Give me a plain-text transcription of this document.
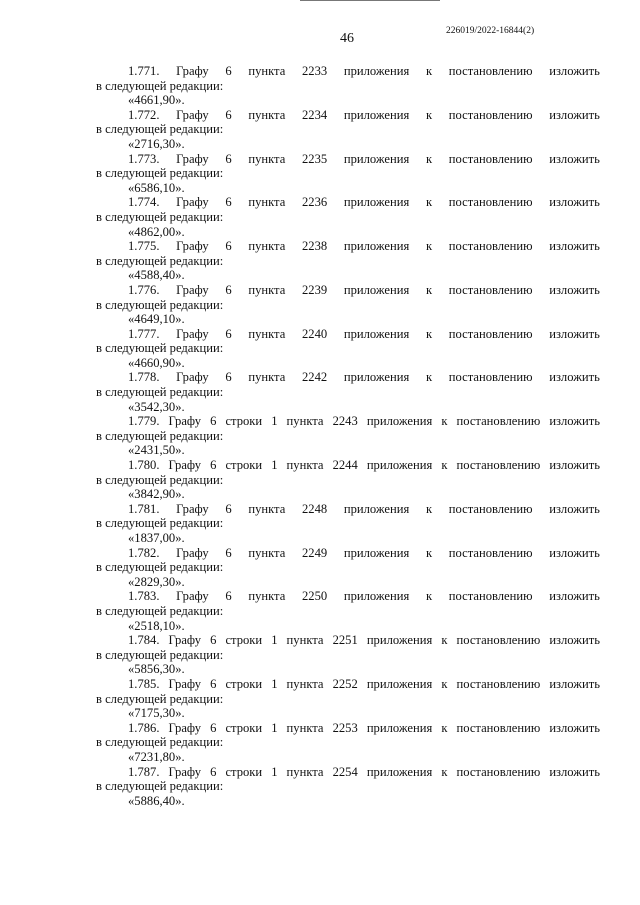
46	226019/2022-16844(2)
1.771. Графу 6 пункта 2233 приложения к постановлению изложить
в следующей редакции:
«4661,90».
1.772. Графу 6 пункта 2234 приложения к постановлению изложить
в следующей редакции:
«2716,30».
1.773. Графу 6 пункта 2235 приложения к постановлению изложить
в следующей редакции:
«6586,10».
1.774. Графу 6 пункта 2236 приложения к постановлению изложить
в следующей редакции:
«4862,00».
1.775. Графу 6 пункта 2238 приложения к постановлению изложить
в следующей редакции:
«4588,40».
1.776. Графу 6 пункта 2239 приложения к постановлению изложить
в следующей редакции:
«4649,10».
1.777. Графу 6 пункта 2240 приложения к постановлению изложить
в следующей редакции:
«4660,90».
1.778. Графу 6 пункта 2242 приложения к постановлению изложить
в следующей редакции:
«3542,30».
1.779. Графу 6 строки 1 пункта 2243 приложения к постановлению изложить
в следующей редакции:
«2431,50».
1.780. Графу 6 строки 1 пункта 2244 приложения к постановлению изложить
в следующей редакции:
«3842,90».
1.781. Графу 6 пункта 2248 приложения к постановлению изложить
в следующей редакции:
«1837,00».
1.782. Графу 6 пункта 2249 приложения к постановлению изложить
в следующей редакции:
«2829,30».
1.783. Графу 6 пункта 2250 приложения к постановлению изложить
в следующей редакции:
«2518,10».
1.784. Графу 6 строки 1 пункта 2251 приложения к постановлению изложить
в следующей редакции:
«5856,30».
1.785. Графу 6 строки 1 пункта 2252 приложения к постановлению изложить
в следующей редакции:
«7175,30».
1.786. Графу 6 строки 1 пункта 2253 приложения к постановлению изложить
в следующей редакции:
«7231,80».
1.787. Графу 6 строки 1 пункта 2254 приложения к постановлению изложить
в следующей редакции:
«5886,40».
